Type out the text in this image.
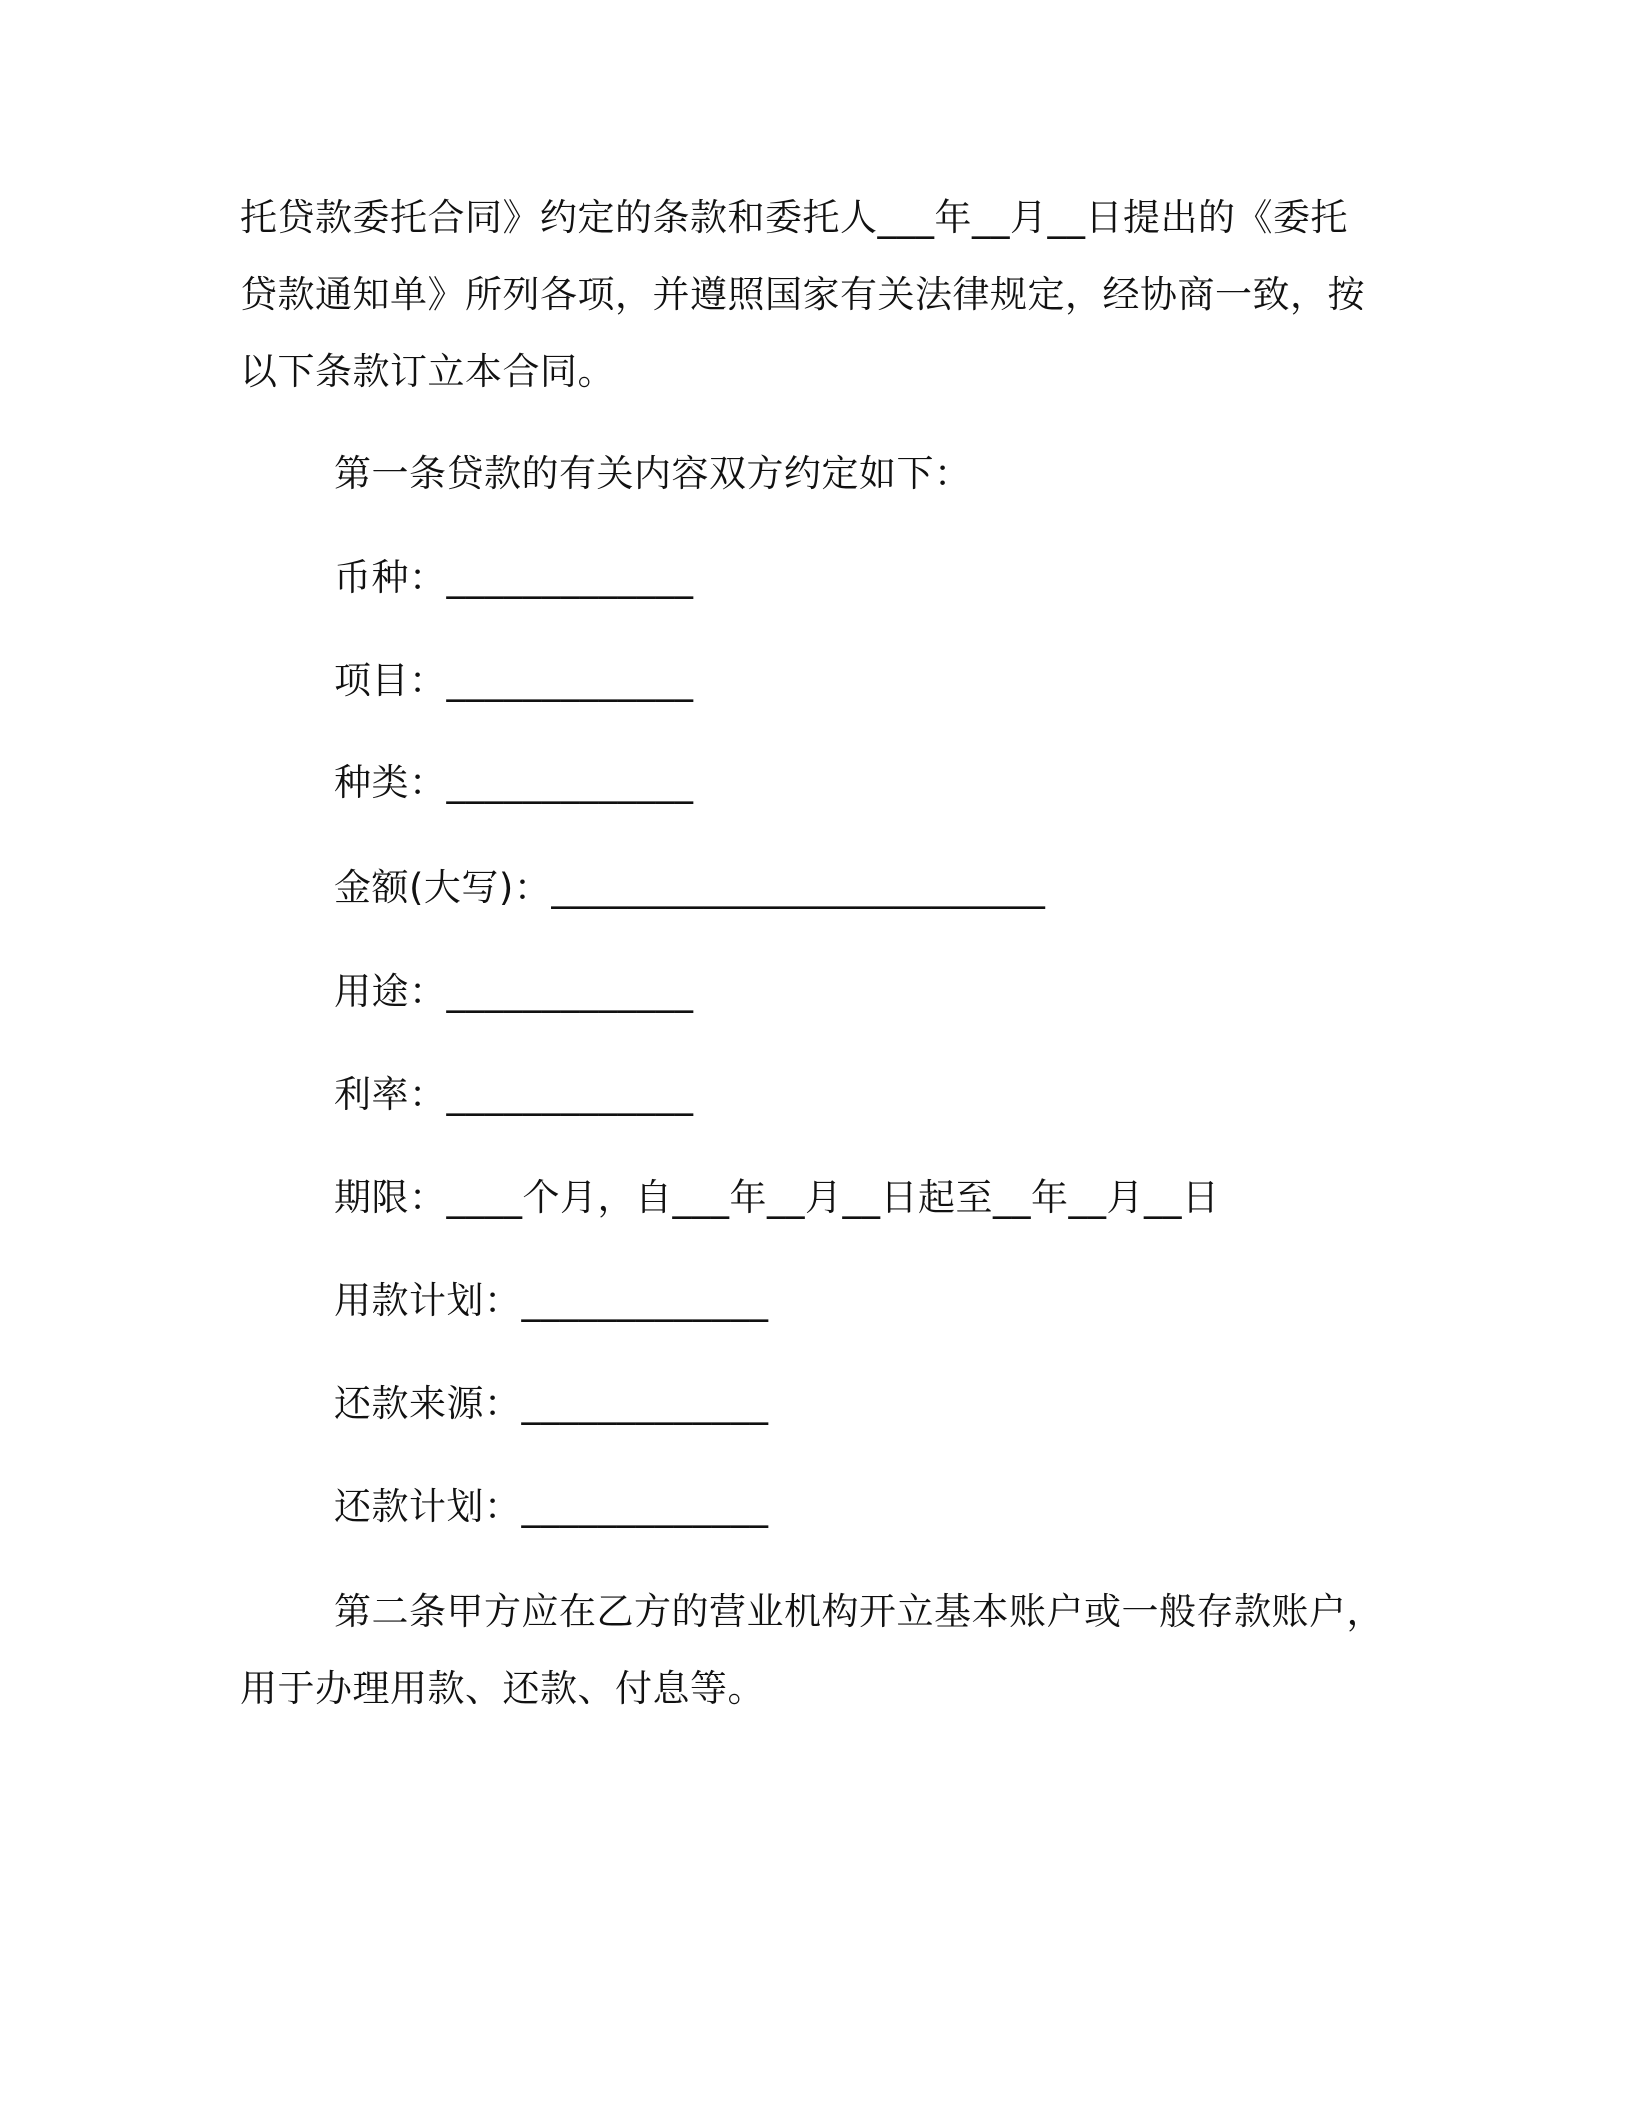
托贷款委托合同》约定的条款和委托人___年__月__日提出的《委托
贷款通知单》所列各项，并遵照国家有关法律规定，经协商一致，按
以下条款订立本合同。
第一条贷款的有关内容双方约定如下：
币种：_____________
项目：_____________
种类：_____________
金额(大写)：__________________________
用途：_____________
利率：_____________
期限：____个月，自___年__月__日起至__年__月__日
用款计划：_____________
还款来源：_____________
还款计划：_____________
第二条甲方应在乙方的营业机构开立基本账户或一般存款账户，
用于办理用款、还款、付息等。
